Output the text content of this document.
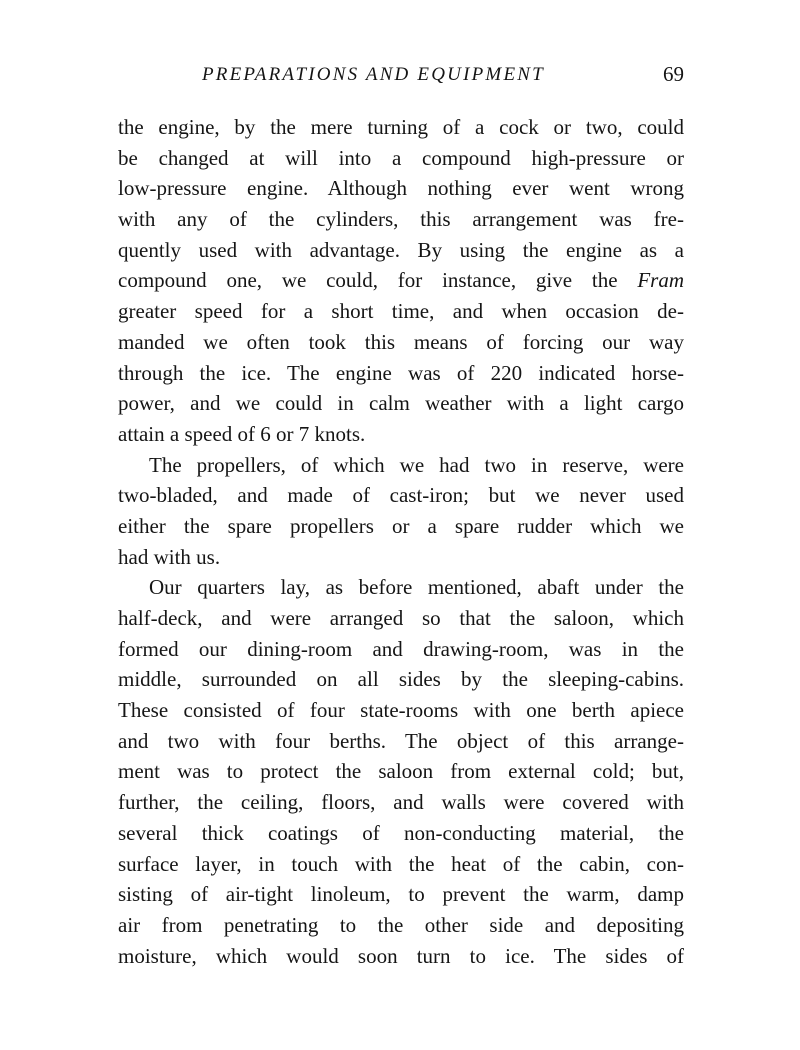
PREPARATIONS AND EQUIPMENT	69
the engine, by the mere turning of a cock or two, could
be changed at will into a compound high-pressure or
low-pressure engine. Although nothing ever went wrong
with any of the cylinders, this arrangement was fre-
quently used with advantage. By using the engine as a
compound one, we could, for instance, give the Fram
greater speed for a short time, and when occasion de-
manded we often took this means of forcing our way
through the ice. The engine was of 220 indicated horse-
power, and we could in calm weather with a light cargo
attain a speed of 6 or 7 knots.
The propellers, of which we had two in reserve, were
two-bladed, and made of cast-iron; but we never used
either the spare propellers or a spare rudder which we
had with us.
Our quarters lay, as before mentioned, abaft under the
half-deck, and were arranged so that the saloon, which
formed our dining-room and drawing-room, was in the
middle, surrounded on all sides by the sleeping-cabins.
These consisted of four state-rooms with one berth apiece
and two with four berths. The object of this arrange-
ment was to protect the saloon from external cold; but,
further, the ceiling, floors, and walls were covered with
several thick coatings of non-conducting material, the
surface layer, in touch with the heat of the cabin, con-
sisting of air-tight linoleum, to prevent the warm, damp
air from penetrating to the other side and depositing
moisture, which would soon turn to ice. The sides of
